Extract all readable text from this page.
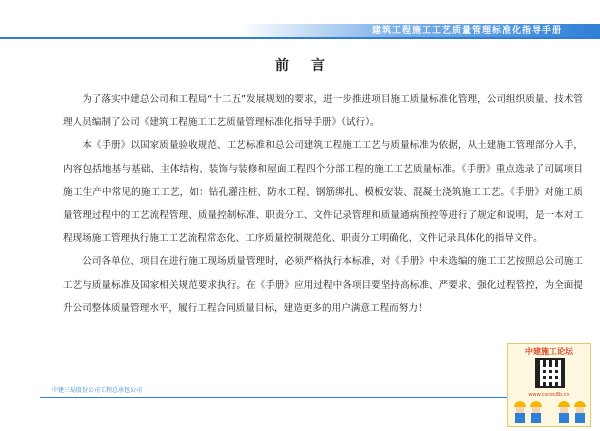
建筑工程施工工艺质量管理标准化指导手册
前言

为了落实中建总公司和工程局“十二五”发展规划的要求，进一步推进项目施工质量标准化管理，公司组织质量、技术管理人员编制了公司《建筑工程施工工艺质量管理标准化指导手册》（试行）。

本《手册》以国家质量验收规范、工艺标准和总公司建筑工程施工工艺与质量标准为依据，从土建施工管理部分入手，内容包括地基与基础、主体结构、装饰与装修和屋面工程四个分部工程的施工工艺质量标准。《手册》重点选录了司属项目施工生产中常见的施工工艺，如：钻孔灌注桩、防水工程、钢筋绑扎、模板安装、混凝土浇筑施工工艺。《手册》对施工质量管理过程中的工艺流程管理、质量控制标准、职责分工、文件记录管理和质量通病预控等进行了规定和说明，是一本对工程现场施工管理执行施工工艺流程常态化、工序质量控制规范化、职责分工明确化、文件记录具体化的指导文件。

公司各单位、项目在进行施工现场质量管理时，必须严格执行本标准，对《手册》中未选编的施工工艺按照总公司施工工艺与质量标准及国家相关规范要求执行。在《手册》应用过程中各项目要坚持高标准、严要求、强化过程管控，为全面提升公司整体质量管理水平，履行工程合同质量目标，建造更多的用户满意工程而努力！

中建三局股份公司工程总承包公司
中建施工论坛
www.cscec8b.cn
